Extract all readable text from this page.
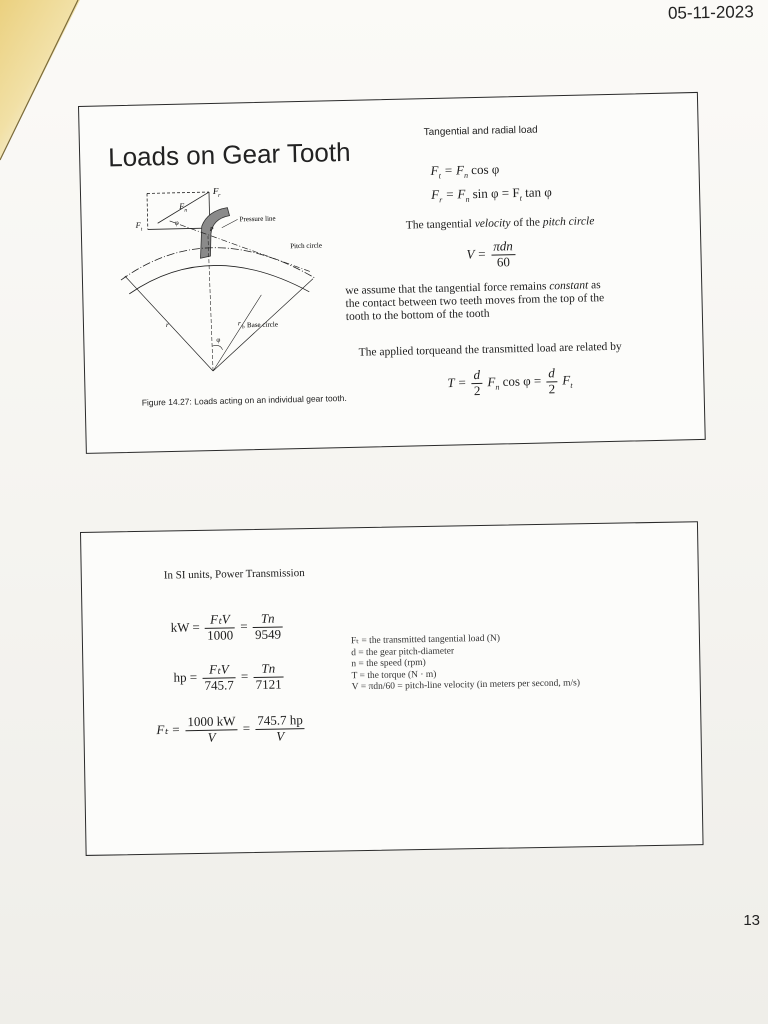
05-11-2023
Loads on Gear Tooth
F r
F n
F t
φ
P
Pressure line
Pitch circle
Base circle
r	r
b
φ
Figure 14.27: Loads acting on an individual gear tooth.
Tangential and radial load
$F_t = F_n$ cos φ
$F_r = F_n$ $\sin \varphi = F_t$ tan φ
The tangential velocity of the pitch circle
$V = \frac{\text{πdn}}{60}$
we assume that the tangential force remains constant as
the contact between two teeth moves from the top of the
tooth to the bottom of the tooth
The applied torqueand the transmitted load are related by
$T = \frac{d}{2} F_n$ $\cos \varphi = \frac{d}{2} F_t$
In SI units, Power Transmission
kW = $\frac{\text{FₜV}}{1000} = \frac{Tn}{9549}$
hp = $\frac{\text{FₜV}}{745.7} = \frac{Tn}{7121}$
$F_t = \frac{1000 kW}{V} = \frac{745.7 hp}{V}$
Fₜ = the transmitted tangential load (N)
d = the gear pitch-diameter
n = the speed (rpm)
T = the torque (N · m)
V = πdn/60 = pitch-line velocity (in meters per second, m/s)
13
